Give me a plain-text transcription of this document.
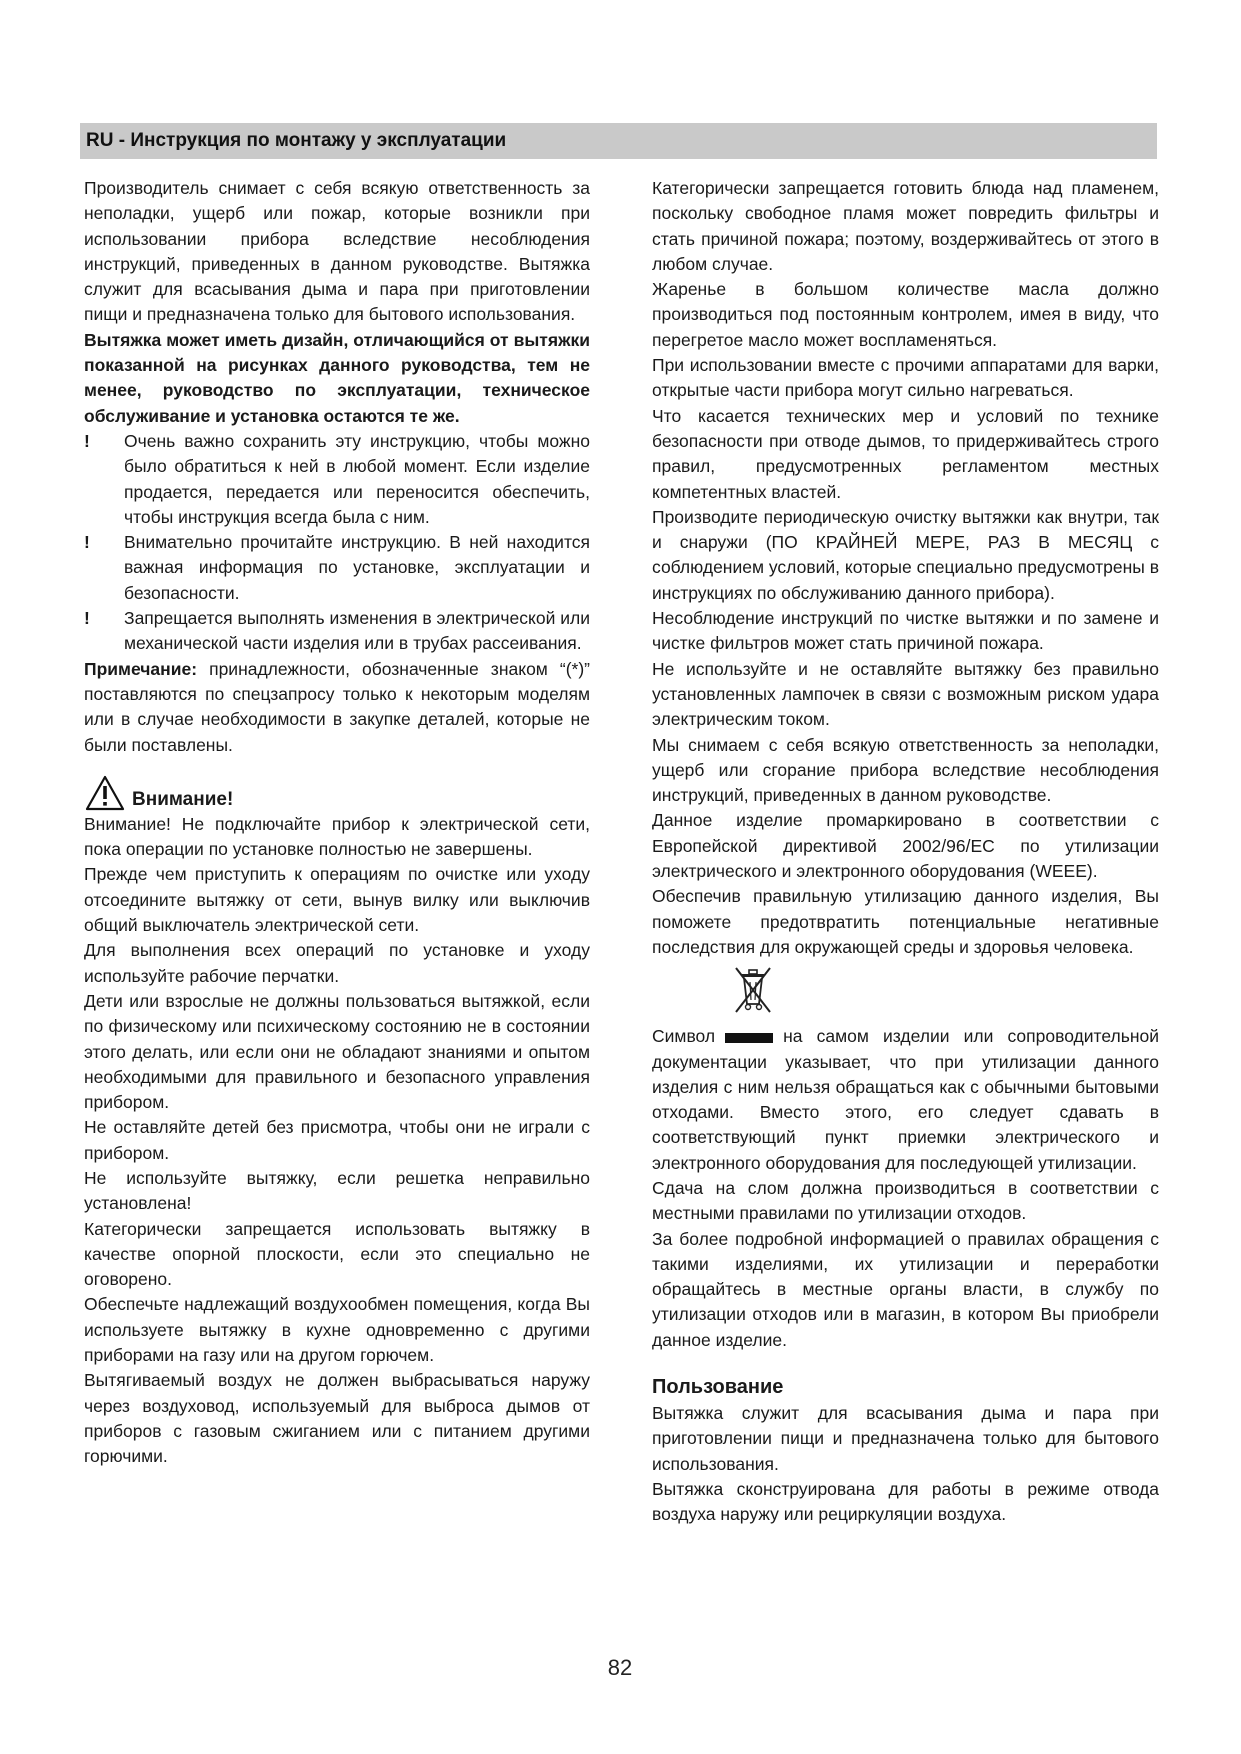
RU - Инструкция по монтажу у эксплуатации

Производитель снимает с себя всякую ответственность за неполадки, ущерб или пожар, которые возникли при использовании прибора вследствие несоблюдения инструкций, приведенных в данном руководстве. Вытяжка служит для всасывания дыма и пара при приготовлении пищи и предназначена только для бытового использования.

Вытяжка может иметь дизайн, отличающийся от вытяжки показанной на рисунках данного руководства, тем не менее, руководство по эксплуатации, техническое обслуживание и установка остаются те же.

!	Очень важно сохранить эту инструкцию, чтобы можно было обратиться к ней в любой момент. Если изделие продается, передается или переносится обеспечить, чтобы инструкция всегда была с ним.
!	Внимательно прочитайте инструкцию. В ней находится важная информация по установке, эксплуатации и безопасности.
!	Запрещается выполнять изменения в электрической или механической части изделия или в трубах рассеивания.

Примечание: принадлежности, обозначенные знаком “(*)” поставляются по спецзапросу только к некоторым моделям или в случае необходимости в закупке деталей, которые не были поставлены.

Внимание!

Внимание! Не подключайте прибор к электрической сети, пока операции по установке полностью не завершены.

Прежде чем приступить к операциям по очистке или уходу отсоедините вытяжку от сети, вынув вилку или выключив общий выключатель электрической сети.

Для выполнения всех операций по установке и уходу используйте рабочие перчатки.

Дети или взрослые не должны пользоваться вытяжкой, если по физическому или психическому состоянию не в состоянии этого делать, или если они не обладают знаниями и опытом необходимыми для правильного и безопасного управления прибором.

Не оставляйте детей без присмотра, чтобы они не играли с прибором.

Не используйте вытяжку, если решетка неправильно установлена!

Категорически запрещается использовать вытяжку в качестве опорной плоскости, если это специально не оговорено.

Обеспечьте надлежащий воздухообмен помещения, когда Вы используете вытяжку в кухне одновременно с другими приборами на газу или на другом горючем.

Вытягиваемый воздух не должен выбрасываться наружу через воздуховод, используемый для выброса дымов от приборов с газовым сжиганием или с питанием другими горючими.

Категорически запрещается готовить блюда над пламенем, поскольку свободное пламя может повредить фильтры и стать причиной пожара; поэтому, воздерживайтесь от этого в любом случае.

Жаренье в большом количестве масла должно производиться под постоянным контролем, имея в виду, что перегретое масло может воспламеняться.

При использовании вместе с прочими аппаратами для варки, открытые части прибора могут сильно нагреваться.

Что касается технических мер и условий по технике безопасности при отводе дымов, то придерживайтесь строго правил, предусмотренных регламентом местных компетентных властей.

Производите периодическую очистку вытяжки как внутри, так и снаружи (ПО КРАЙНЕЙ МЕРЕ, РАЗ В МЕСЯЦ с соблюдением условий, которые специально предусмотрены в инструкциях по обслуживанию данного прибора).

Несоблюдение инструкций по чистке вытяжки и по замене и чистке фильтров может стать причиной пожара.

Не используйте и не оставляйте вытяжку без правильно установленных лампочек в связи с возможным риском удара электрическим током.

Мы снимаем с себя всякую ответственность за неполадки, ущерб или сгорание прибора вследствие несоблюдения инструкций, приведенных в данном руководстве.

Данное изделие промаркировано в соответствии с Европейской директивой 2002/96/ЕС по утилизации электрического и электронного оборудования (WEEE).

Обеспечив правильную утилизацию данного изделия, Вы поможете предотвратить потенциальные негативные последствия для окружающей среды и здоровья человека.

Символ	на самом изделии или сопроводительной документации указывает, что при утилизации данного изделия с ним нельзя обращаться как с обычными бытовыми отходами. Вместо этого, его следует сдавать в соответствующий пункт приемки электрического и электронного оборудования для последующей утилизации.

Сдача на слом должна производиться в соответствии с местными правилами по утилизации отходов.

За более подробной информацией о правилах обращения с такими изделиями, их утилизации и переработки обращайтесь в местные органы власти, в службу по утилизации отходов или в магазин, в котором Вы приобрели данное изделие.

Пользование

Вытяжка служит для всасывания дыма и пара при приготовлении пищи и предназначена только для бытового использования.

Вытяжка сконструирована для работы в режиме отвода воздуха наружу или рециркуляции воздуха.

82
